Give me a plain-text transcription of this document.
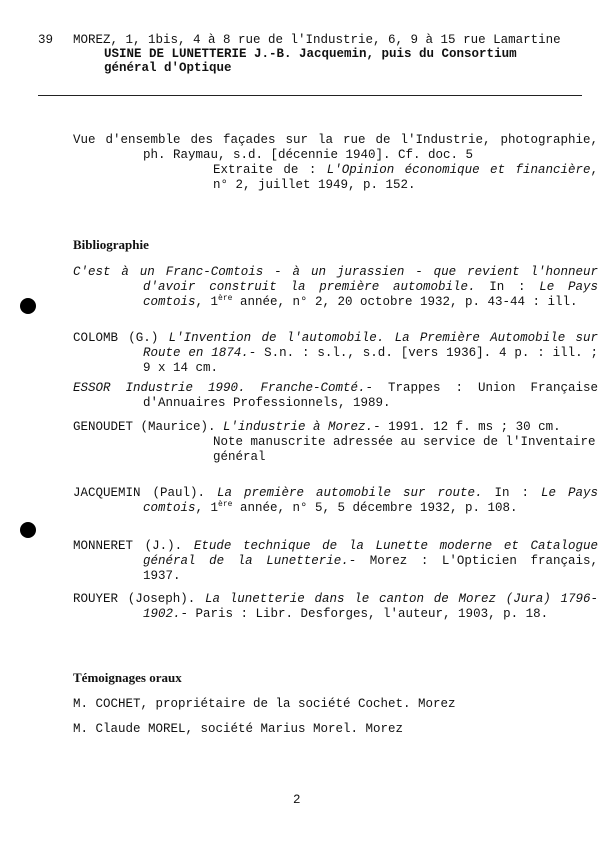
39 MOREZ, 1, 1bis, 4 à 8 rue de l'Industrie, 6, 9 à 15 rue Lamartine
USINE DE LUNETTERIE J.-B. Jacquemin, puis du Consortium
général d'Optique
Vue d'ensemble des façades sur la rue de l'Industrie, photographie, ph. Raymau, s.d. [décennie 1940]. Cf. doc. 5
Extraite de : L'Opinion économique et financière, n° 2, juillet 1949, p. 152.
Bibliographie
C'est à un Franc-Comtois - à un jurassien - que revient l'honneur d'avoir construit la première automobile. In : Le Pays comtois, 1ère année, n° 2, 20 octobre 1932, p. 43-44 : ill.
COLOMB (G.) L'Invention de l'automobile. La Première Automobile sur Route en 1874.- S.n. : s.l., s.d. [vers 1936]. 4 p. : ill. ; 9 x 14 cm.
ESSOR Industrie 1990. Franche-Comté.- Trappes : Union Française d'Annuaires Professionnels, 1989.
GENOUDET (Maurice). L'industrie à Morez.- 1991. 12 f. ms ; 30 cm.
Note manuscrite adressée au service de l'Inventaire général
JACQUEMIN (Paul). La première automobile sur route. In : Le Pays comtois, 1ère année, n° 5, 5 décembre 1932, p. 108.
MONNERET (J.). Etude technique de la Lunette moderne et Catalogue général de la Lunetterie.- Morez : L'Opticien français, 1937.
ROUYER (Joseph). La lunetterie dans le canton de Morez (Jura) 1796-1902.- Paris : Libr. Desforges, l'auteur, 1903, p. 18.
Témoignages oraux
M. COCHET, propriétaire de la société Cochet. Morez
M. Claude MOREL, société Marius Morel. Morez
2
